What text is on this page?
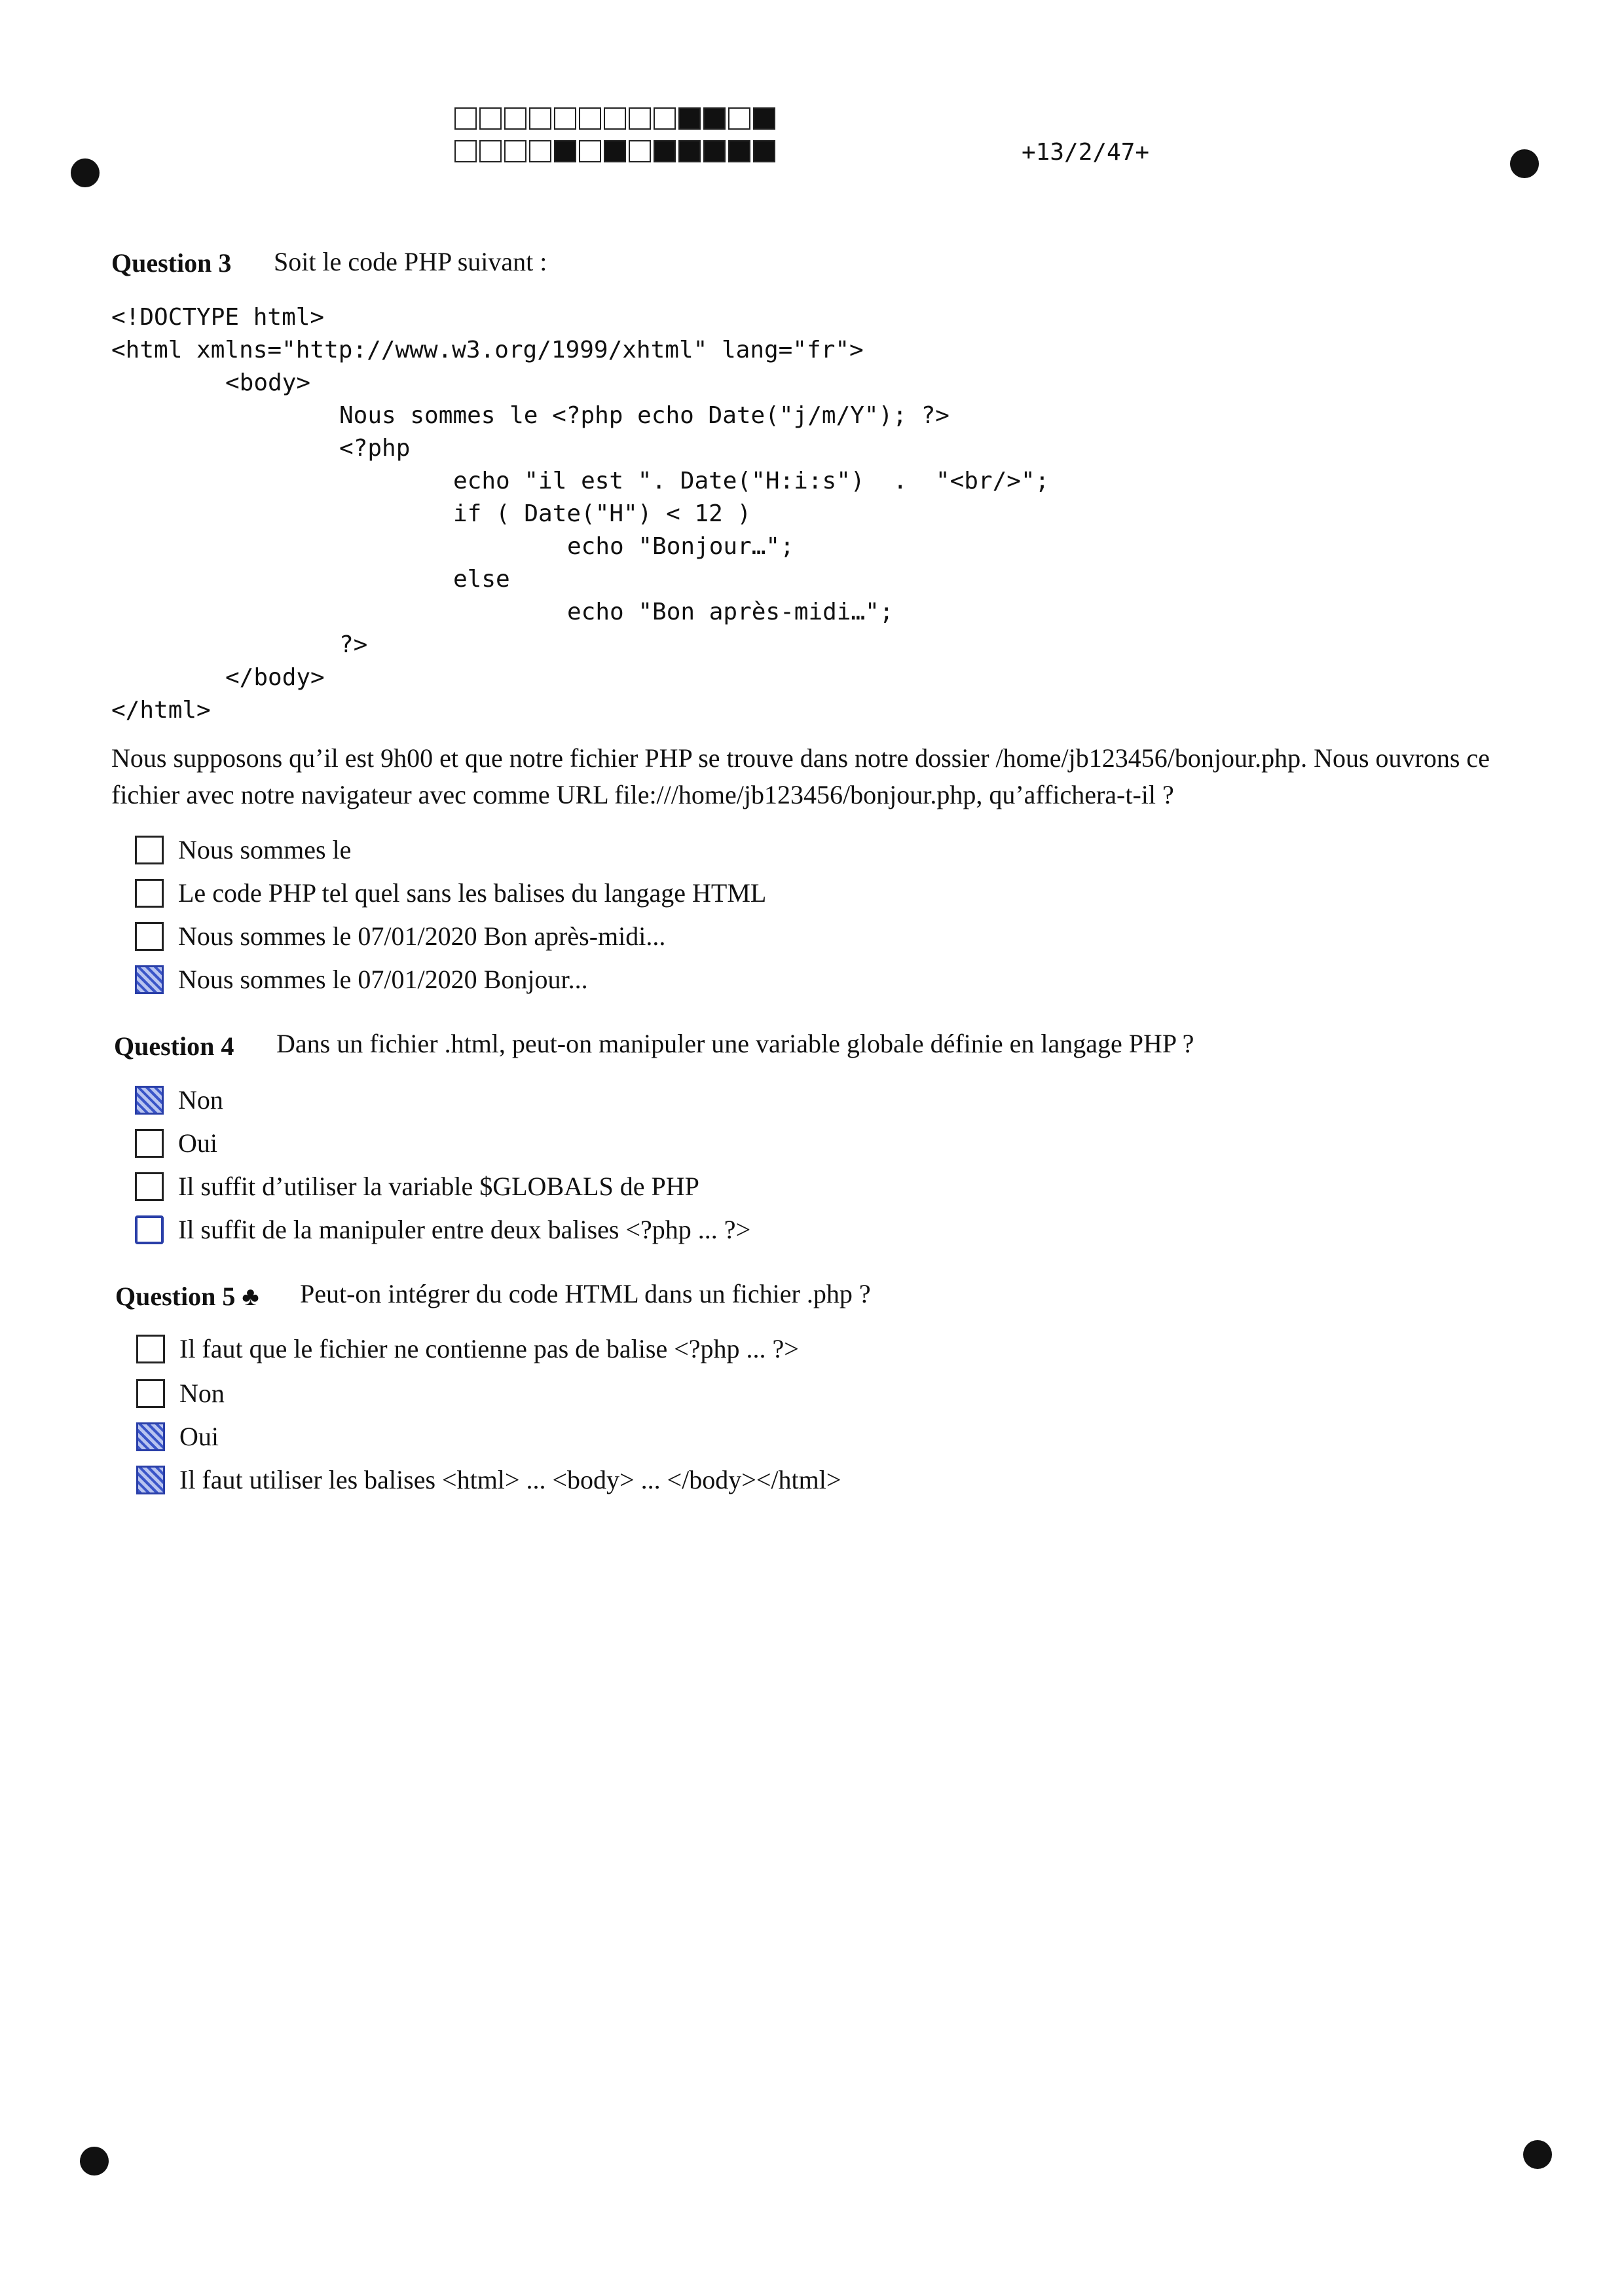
+13/2/47+
Question 3 Soit le code PHP suivant :
<!DOCTYPE html>
<html xmlns="http://www.w3.org/1999/xhtml" lang="fr">
<body>
Nous sommes le <?php echo Date("j/m/Y"); ?>
<?php
echo "il est ". Date("H:i:s")  .  "<br/>";
if ( Date("H") < 12 )
echo "Bonjour…";
else
echo "Bon après-midi…";
?>
</body>
</html>
Nous supposons qu’il est 9h00 et que notre fichier PHP se trouve dans notre dossier /home/jb123456/bonjour.php. Nous ouvrons ce fichier avec notre navigateur avec comme URL file:///home/jb123456/bonjour.php, qu’affichera-t-il ?
Nous sommes le
Le code PHP tel quel sans les balises du langage HTML
Nous sommes le 07/01/2020 Bon après-midi...
Nous sommes le 07/01/2020 Bonjour...
Question 4 Dans un fichier .html, peut-on manipuler une variable globale définie en langage PHP ?
Non
Oui
Il suffit d’utiliser la variable $GLOBALS de PHP
Il suffit de la manipuler entre deux balises <?php ... ?>
Question 5 ♣ Peut-on intégrer du code HTML dans un fichier .php ?
Il faut que le fichier ne contienne pas de balise <?php ... ?>
Non
Oui
Il faut utiliser les balises <html> ... <body> ... </body></html>
